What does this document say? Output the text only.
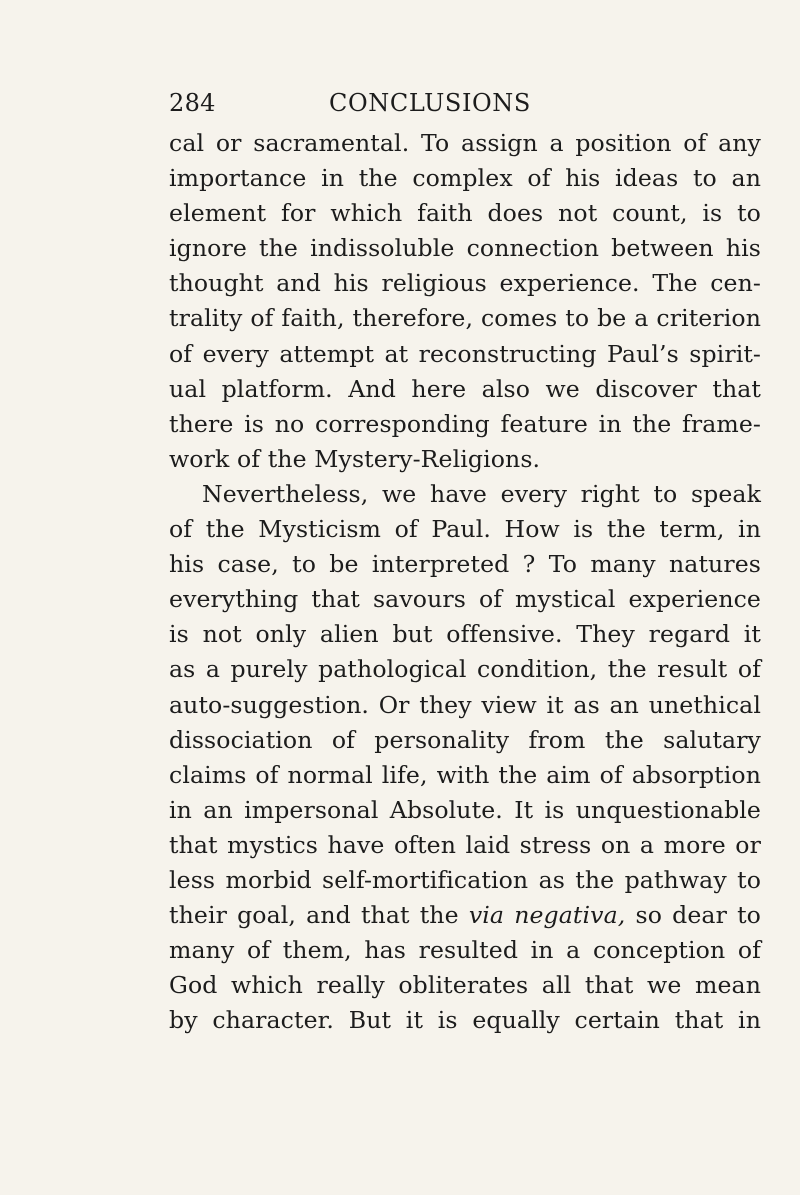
284	CONCLUSIONS
cal or sacramental. To assign a position of any
importance in the complex of his ideas to an
element for which faith does not count, is to
ignore the indissoluble connection between his
thought and his religious experience. The cen-
trality of faith, therefore, comes to be a criterion
of every attempt at reconstructing Paul’s spirit-
ual platform. And here also we discover that
there is no corresponding feature in the frame-
work of the Mystery-Religions.
Nevertheless, we have every right to speak
of the Mysticism of Paul. How is the term, in
his case, to be interpreted ? To many natures
everything that savours of mystical experience
is not only alien but offensive. They regard it
as a purely pathological condition, the result of
auto-suggestion. Or they view it as an unethical
dissociation of personality from the salutary
claims of normal life, with the aim of absorption
in an impersonal Absolute. It is unquestionable
that mystics have often laid stress on a more or
less morbid self-mortification as the pathway to
their goal, and that the via negativa, so dear to
many of them, has resulted in a conception of
God which really obliterates all that we mean
by character. But it is equally certain that in
